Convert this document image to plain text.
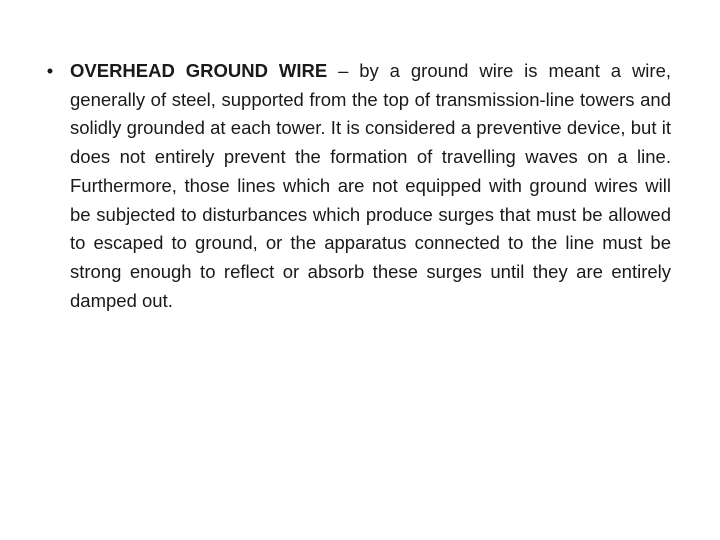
• OVERHEAD GROUND WIRE – by a ground wire is meant a wire, generally of steel, supported from the top of transmission-line towers and solidly grounded at each tower. It is considered a preventive device, but it does not entirely prevent the formation of travelling waves on a line. Furthermore, those lines which are not equipped with ground wires will be subjected to disturbances which produce surges that must be allowed to escaped to ground, or the apparatus connected to the line must be strong enough to reflect or absorb these surges until they are entirely damped out.
